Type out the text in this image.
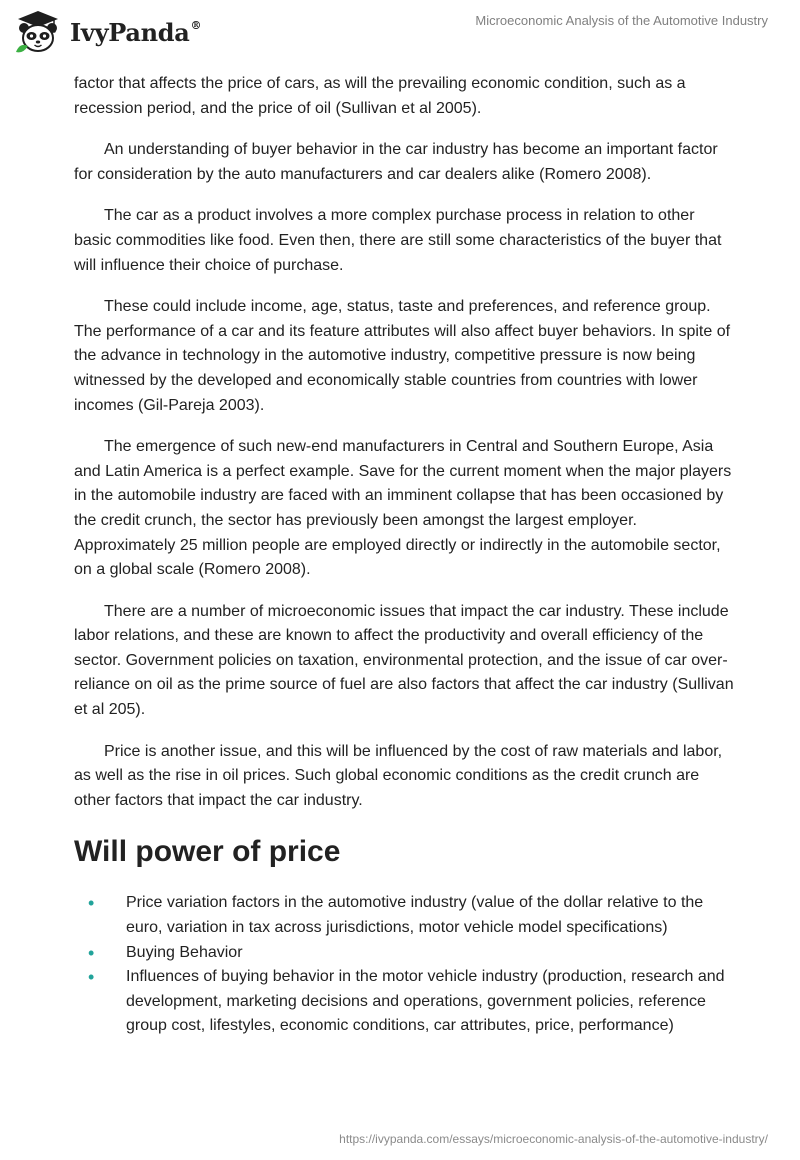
IvyPanda®	Microeconomic Analysis of the Automotive Industry

factor that affects the price of cars, as will the prevailing economic condition, such as a recession period, and the price of oil (Sullivan et al 2005).

An understanding of buyer behavior in the car industry has become an important factor for consideration by the auto manufacturers and car dealers alike (Romero 2008).

The car as a product involves a more complex purchase process in relation to other basic commodities like food. Even then, there are still some characteristics of the buyer that will influence their choice of purchase.

These could include income, age, status, taste and preferences, and reference group. The performance of a car and its feature attributes will also affect buyer behaviors. In spite of the advance in technology in the automotive industry, competitive pressure is now being witnessed by the developed and economically stable countries from countries with lower incomes (Gil-Pareja 2003).

The emergence of such new-end manufacturers in Central and Southern Europe, Asia and Latin America is a perfect example. Save for the current moment when the major players in the automobile industry are faced with an imminent collapse that has been occasioned by the credit crunch, the sector has previously been amongst the largest employer. Approximately 25 million people are employed directly or indirectly in the automobile sector, on a global scale (Romero 2008).

There are a number of microeconomic issues that impact the car industry. These include labor relations, and these are known to affect the productivity and overall efficiency of the sector. Government policies on taxation, environmental protection, and the issue of car over-reliance on oil as the prime source of fuel are also factors that affect the car industry (Sullivan et al 205).

Price is another issue, and this will be influenced by the cost of raw materials and labor, as well as the rise in oil prices. Such global economic conditions as the credit crunch are other factors that impact the car industry.

Will power of price
• Price variation factors in the automotive industry (value of the dollar relative to the euro, variation in tax across jurisdictions, motor vehicle model specifications)
• Buying Behavior
• Influences of buying behavior in the motor vehicle industry (production, research and development, marketing decisions and operations, government policies, reference group cost, lifestyles, economic conditions, car attributes, price, performance)
https://ivypanda.com/essays/microeconomic-analysis-of-the-automotive-industry/
